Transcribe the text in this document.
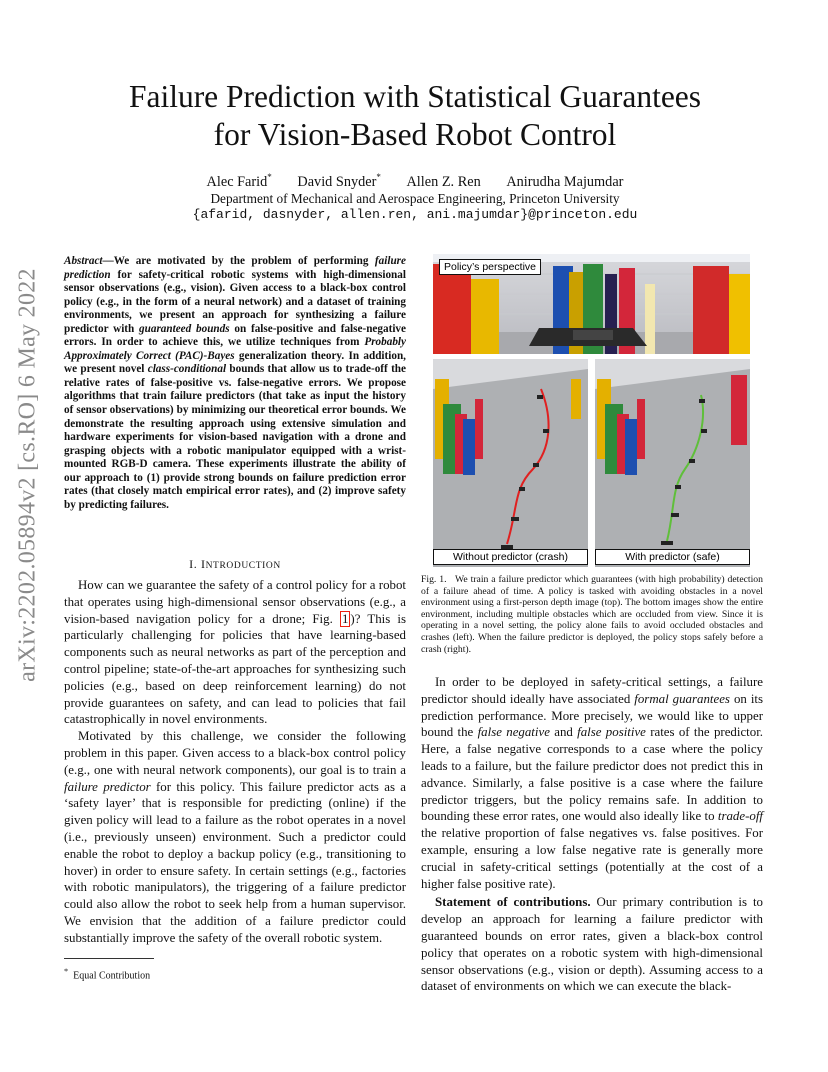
arXiv:2202.05894v2 [cs.RO] 6 May 2022
Failure Prediction with Statistical Guarantees
for Vision-Based Robot Control
Alec Farid* David Snyder* Allen Z. Ren Anirudha Majumdar
Department of Mechanical and Aerospace Engineering, Princeton University
{afarid, dasnyder, allen.ren, ani.majumdar}@princeton.edu
Abstract—We are motivated by the problem of performing failure prediction for safety-critical robotic systems with high-dimensional sensor observations (e.g., vision). Given access to a black-box control policy (e.g., in the form of a neural network) and a dataset of training environments, we present an approach for synthesizing a failure predictor with guaranteed bounds on false-positive and false-negative errors. In order to achieve this, we utilize techniques from Probably Approximately Correct (PAC)-Bayes generalization theory. In addition, we present novel class-conditional bounds that allow us to trade-off the relative rates of false-positive vs. false-negative errors. We propose algorithms that train failure predictors (that take as input the history of sensor observations) by minimizing our theoretical error bounds. We demonstrate the resulting approach using extensive simulation and hardware experiments for vision-based navigation with a drone and grasping objects with a robotic manipulator equipped with a wrist-mounted RGB-D camera. These experiments illustrate the ability of our approach to (1) provide strong bounds on failure prediction error rates (that closely match empirical error rates), and (2) improve safety by predicting failures.
I. INTRODUCTION

How can we guarantee the safety of a control policy for a robot that operates using high-dimensional sensor observations (e.g., a vision-based navigation policy for a drone; Fig. 1 )? This is particularly challenging for policies that have learning-based components such as neural networks as part of the perception and control pipeline; state-of-the-art approaches for synthesizing such policies (e.g., based on deep reinforcement learning) do not provide guarantees on safety, and can lead to policies that fail catastrophically in novel environments.

Motivated by this challenge, we consider the following problem in this paper. Given access to a black-box control policy (e.g., one with neural network components), our goal is to train a failure predictor for this policy. This failure predictor acts as a ‘safety layer’ that is responsible for predicting (online) if the given policy will lead to a failure as the robot operates in a novel (i.e., previously unseen) environment. Such a predictor could enable the robot to deploy a backup policy (e.g., transitioning to hover) in order to ensure safety. In certain settings (e.g., factories with robotic manipulators), the triggering of a failure predictor could also allow the robot to seek help from a human supervisor. We envision that the addition of a failure predictor could substantially improve the safety of the overall robotic system.

* Equal Contribution
Policy’s perspective
Without predictor (crash)	With predictor (safe)
Fig. 1. We train a failure predictor which guarantees (with high probability) detection of a failure ahead of time. A policy is tasked with avoiding obstacles in a novel environment using a first-person depth image (top). The bottom images show the entire environment, including multiple obstacles which are occluded from view. Since it is operating in a novel setting, the policy alone fails to avoid occluded obstacles and crashes (left). When the failure predictor is deployed, the policy stops safely before a crash (right).

In order to be deployed in safety-critical settings, a failure predictor should ideally have associated formal guarantees on its prediction performance. More precisely, we would like to upper bound the false negative and false positive rates of the predictor. Here, a false negative corresponds to a case where the policy leads to a failure, but the failure predictor does not predict this in advance. Similarly, a false positive is a case where the failure predictor triggers, but the policy remains safe. In addition to bounding these error rates, one would also ideally like to trade-off the relative proportion of false negatives vs. false positives. For example, ensuring a low false negative rate is generally more crucial in safety-critical settings (potentially at the cost of a higher false positive rate).

Statement of contributions. Our primary contribution is to develop an approach for learning a failure predictor with guaranteed bounds on error rates, given a black-box control policy that operates on a robotic system with high-dimensional sensor observations (e.g., vision or depth). Assuming access to a dataset of environments on which we can execute the black-
